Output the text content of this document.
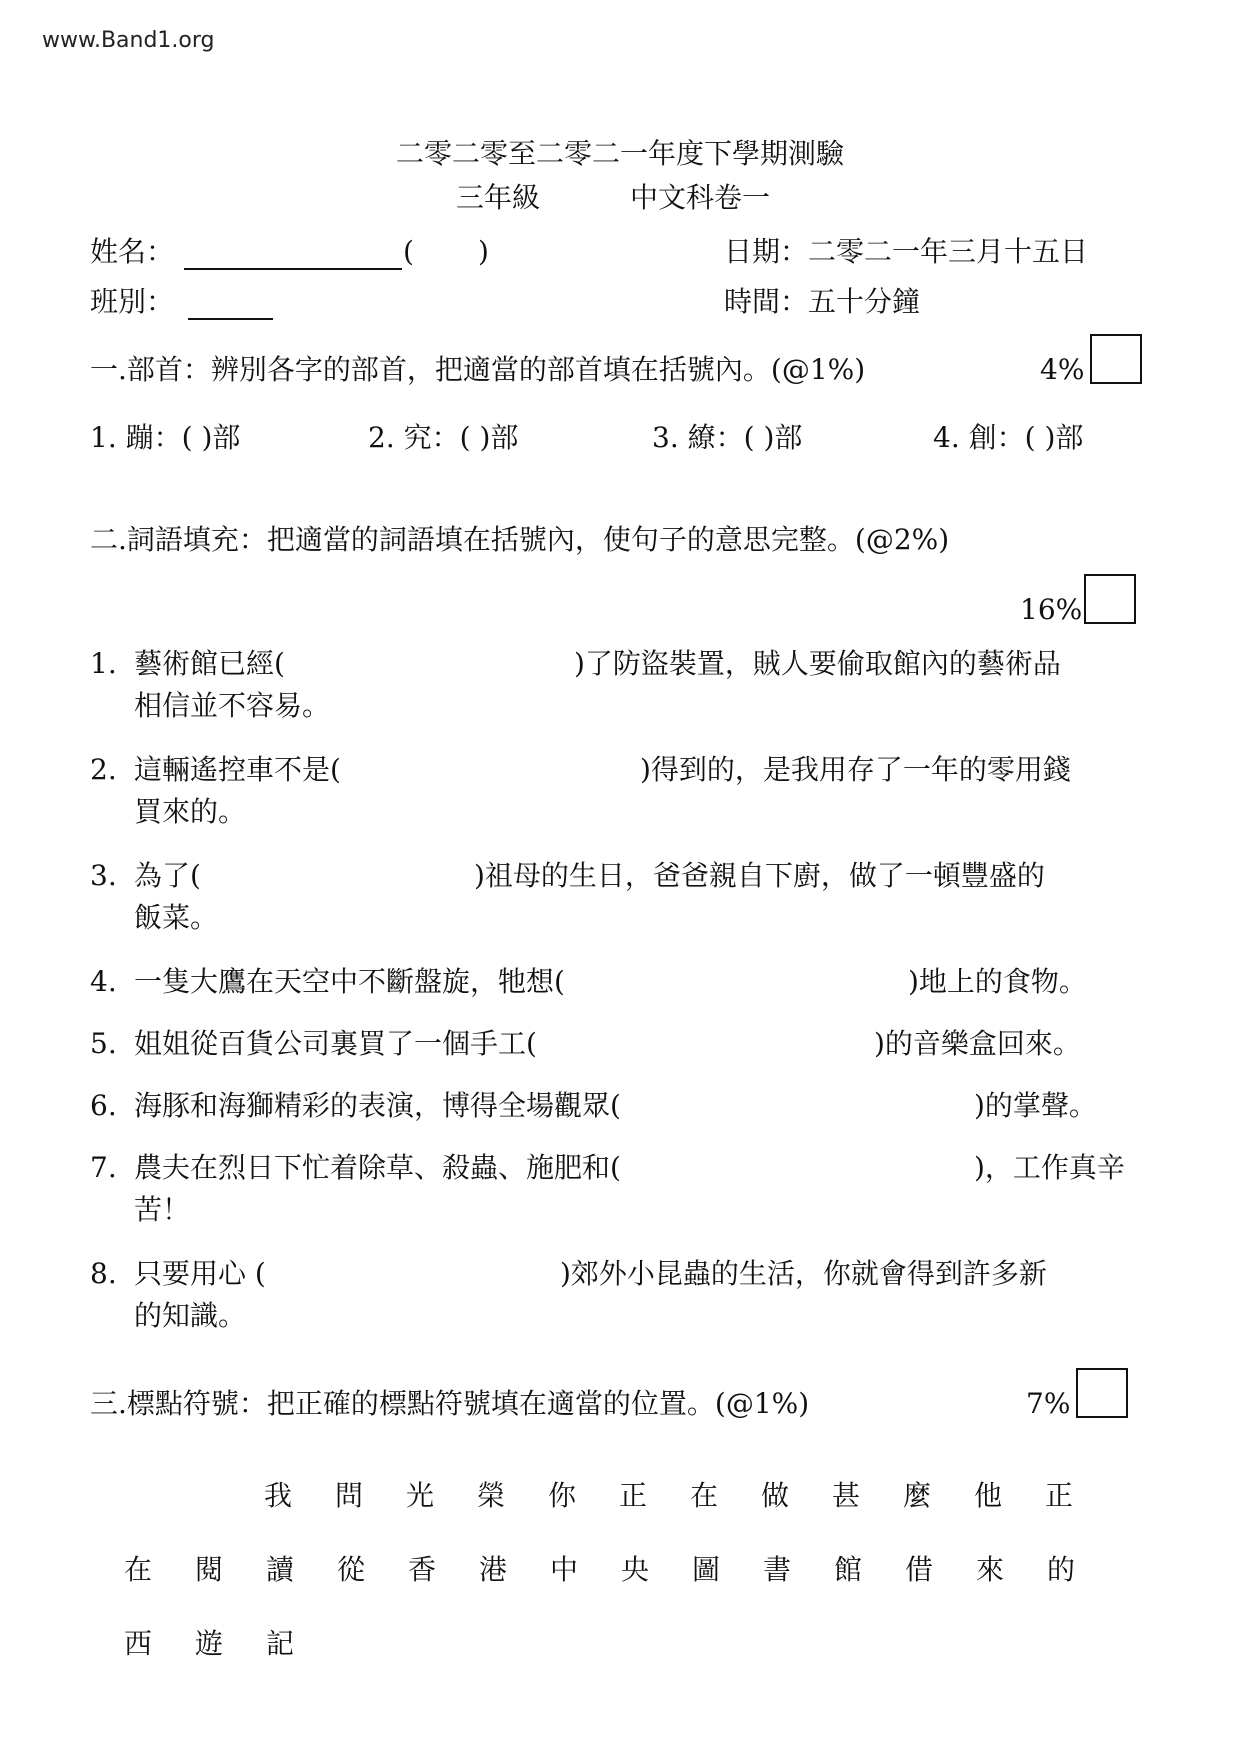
www.Band1.org
二零二零至二零二一年度下學期測驗
三年級	中文科卷一
姓名：	( )	日期：二零二一年三月十五日
班別：	時間：五十分鐘
一.部首：辨別各字的部首，把適當的部首填在括號內。(@1%)	4%
1. 蹦：( )部	2. 究：( )部	3. 繚：( )部	4. 創：( )部
二.詞語填充：把適當的詞語填在括號內，使句子的意思完整。(@2%)
16%
1. 藝術館已經(	)了防盜裝置，賊人要偷取館內的藝術品
相信並不容易。
2. 這輛遙控車不是(	)得到的，是我用存了一年的零用錢
買來的。
3. 為了(	)祖母的生日，爸爸親自下廚，做了一頓豐盛的
飯菜。
4. 一隻大鷹在天空中不斷盤旋，牠想(	)地上的食物。
5. 姐姐從百貨公司裏買了一個手工(	)的音樂盒回來。
6. 海豚和海獅精彩的表演，博得全場觀眾(	)的掌聲。
7. 農夫在烈日下忙着除草、殺蟲、施肥和(	)，工作真辛
苦！
8. 只要用心 (	)郊外小昆蟲的生活，你就會得到許多新
的知識。
三.標點符號：把正確的標點符號填在適當的位置。(@1%)	7%
我 問 光 榮 你 正 在 做 甚 麼 他 正
在 閱 讀 從 香 港 中 央 圖 書 館 借 來 的
西 遊 記
